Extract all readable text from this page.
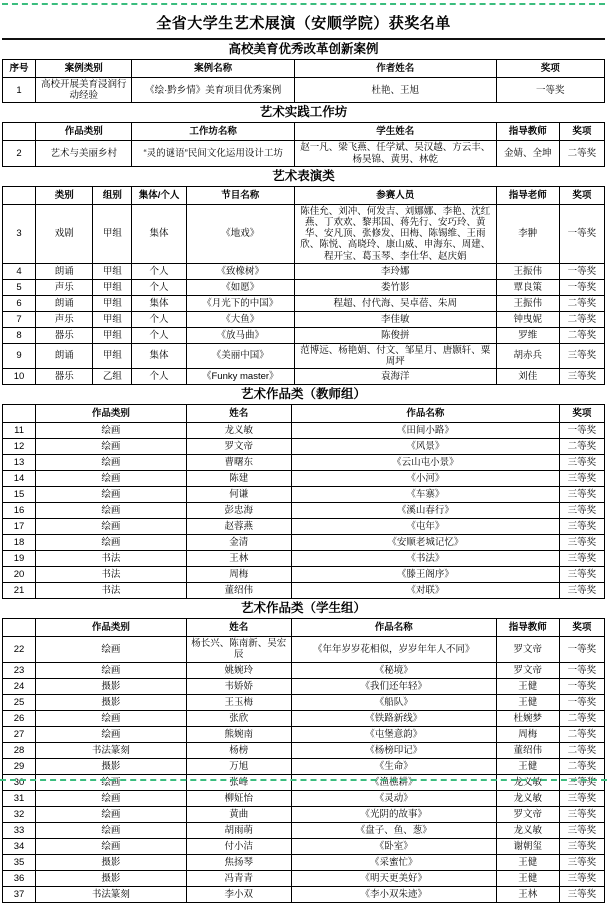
全省大学生艺术展演（安顺学院）获奖名单
高校美育优秀改革创新案例
序号	案例类别	案例名称	作者姓名	奖项
1	高校开展美育浸润行动经验	《绘·黔乡情》美育项目优秀案例	杜艳、王旭	一等奖
艺术实践工作坊
	作品类别	工作坊名称	学生姓名	指导教师	奖项
2	艺术与美丽乡村	“灵的谜语”民间文化运用设计工坊	赵一凡、梁飞燕、任学斌、吴汉越、方云丰、杨昊锦、黄男、林乾	金婧、全坤	二等奖
艺术表演类
	类别	组别	集体/个人	节目名称	参赛人员	指导老师	奖项
3	戏剧	甲组	集体	《地戏》	陈佳允、刘冲、何发吉、刘娜娜、李艳、沈红燕、丁欢欢、黎邦国、蒋先行、安巧玲、黄华、安凡顶、张修发、田梅、陈锡维、王雨欣、陈悦、高晓玲、康山威、申海东、周建、程开宝、葛玉琴、李仕华、赵庆娟	李翀	一等奖
4	朗诵	甲组	个人	《致橡树》	李玲娜	王振伟	一等奖
5	声乐	甲组	个人	《如愿》	娄竹影	覃良策	一等奖
6	朗诵	甲组	集体	《月光下的中国》	程超、付代海、吴卓蓓、朱周	王振伟	二等奖
7	声乐	甲组	个人	《大鱼》	李佳敏	钟曳妮	二等奖
8	器乐	甲组	个人	《放马曲》	陈俊拼	罗维	二等奖
9	朗诵	甲组	集体	《美丽中国》	范博远、杨艳娟、付文、邹星月、唐颢轩、粟周坪	胡赤兵	三等奖
10	器乐	乙组	个人	《Funky master》	袁海洋	刘佳	三等奖
艺术作品类（教师组）
	作品类别	姓名	作品名称	奖项
11	绘画	龙义敏	《田间小路》	一等奖
12	绘画	罗文帝	《风景》	二等奖
13	绘画	曹曙东	《云山屯小景》	三等奖
14	绘画	陈建	《小河》	三等奖
15	绘画	何谦	《车寨》	三等奖
16	绘画	彭忠海	《溪山春行》	三等奖
17	绘画	赵蓉燕	《屯年》	三等奖
18	绘画	金清	《安顺老城记忆》	三等奖
19	书法	王林	《书法》	三等奖
20	书法	周梅	《滕王阁序》	三等奖
21	书法	董绍伟	《对联》	三等奖
艺术作品类（学生组）
	作品类别	姓名	作品名称	指导教师	奖项
22	绘画	杨长兴、陈南新、吴宏辰	《年年岁岁花相似，岁岁年年人不同》	罗文帝	一等奖
23	绘画	姚婉玲	《秘境》	罗文帝	一等奖
24	摄影	韦娇娇	《我们还年轻》	王健	一等奖
25	摄影	王玉梅	《船队》	王健	一等奖
26	绘画	张欣	《铁路新线》	杜婉梦	二等奖
27	绘画	熊婉南	《屯堡意韵》	周梅	二等奖
28	书法篆刻	杨榜	《杨榜印记》	董绍伟	二等奖
29	摄影	万旭	《生命》	王健	二等奖
30	绘画	张峰	《渔樵耕》	龙义敏	三等奖
31	绘画	柳姃怡	《灵动》	龙义敏	三等奖
32	绘画	黄曲	《光阴的故事》	罗文帝	三等奖
33	绘画	胡雨萌	《盘子、鱼、葱》	龙义敏	三等奖
34	绘画	付小洁	《卧室》	谢朝玺	三等奖
35	摄影	焦扬琴	《采蜜忙》	王健	三等奖
36	摄影	冯青青	《明天更美好》	王健	三等奖
37	书法篆刻	李小双	《李小双朱迹》	王林	三等奖
